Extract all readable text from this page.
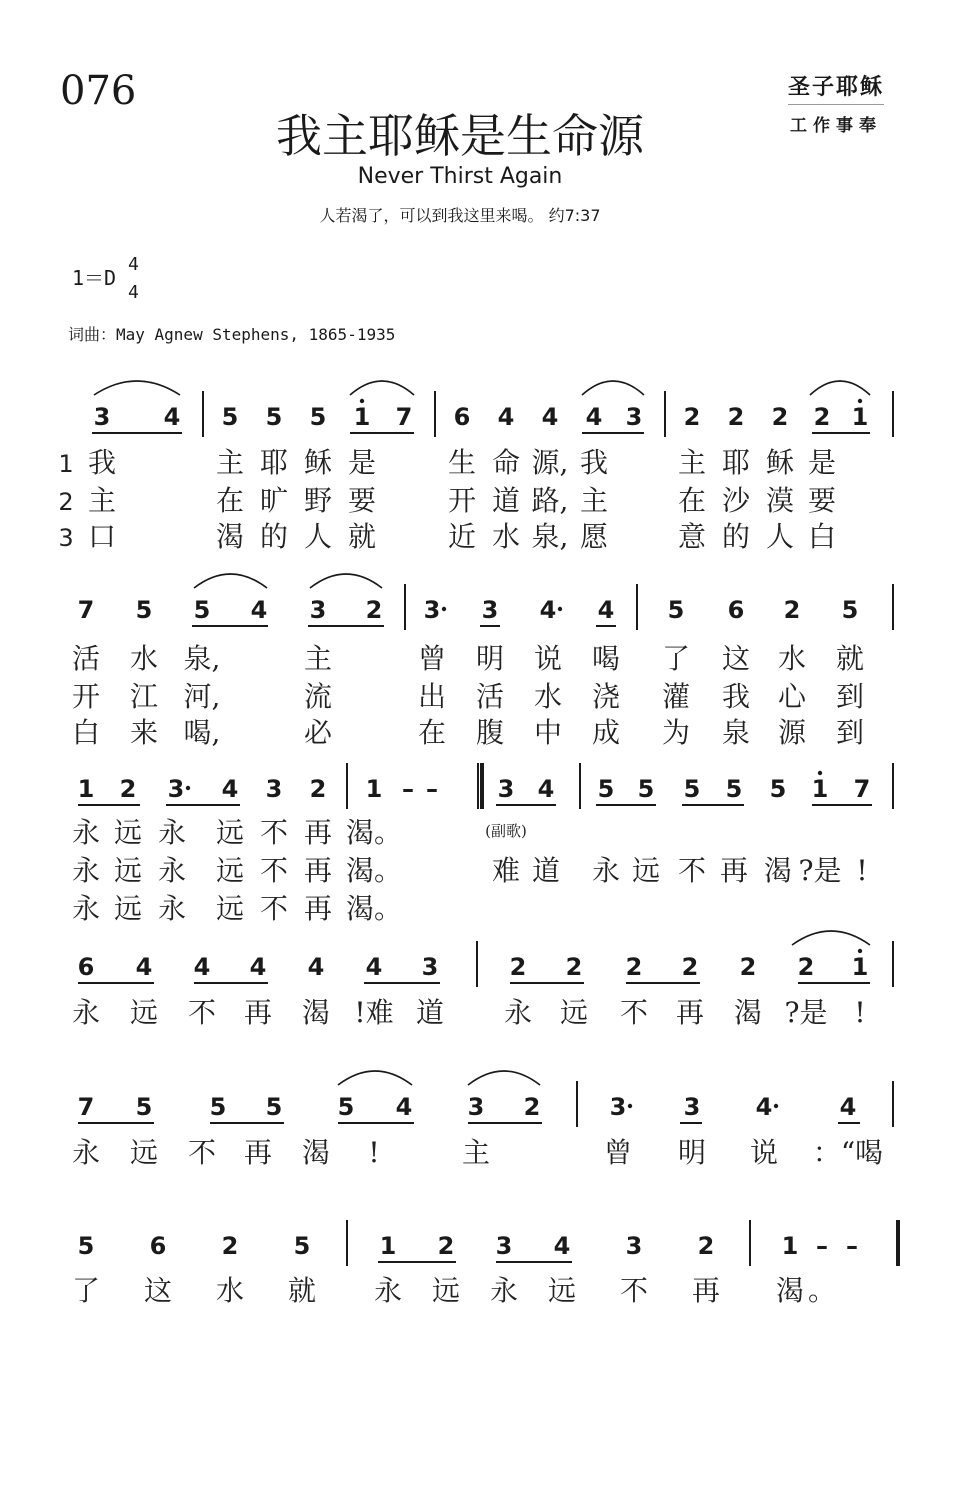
076
我主耶稣是生命源
Never Thirst Again
人若渴了，可以到我这里来喝。 约7:37
圣子耶稣
工作事奉
1＝D
4
4
词曲：May Agnew Stephens, 1865-1935
3 4 5 5 5 1 7 6 4 4 4 3 2 2 2 2 1
1 我	主 耶 稣 是	生 命 源, 我 主 耶 稣 是
2 主	在 旷 野 要	开 道 路, 主 在 沙 漠 要
3 口	渴 的 人 就	近 水 泉, 愿 意 的 人 白
7 5 5 4 3 2 3 3 4 4 5 6 2 5
活 水 泉,	主	曾 明 说 喝 了 这 水 就
开 江 河,	流	出 活 水 浇 灌 我 心 到
白 来 喝,	必	在 腹 中 成 为 泉 源 到
1 2 3 4 3 2 1 – – 3 4 5 5 5 5 5 1 7
永 远 永 远 不 再 渴。
永 远 永 远 不 再 渴。	难 道 永 远 不 再 渴 ?是 !
永 远 永 远 不 再 渴。
6 4 4 4 4 4 3	2 2 2 2 2 2 1
永 远 不 再 渴 !难 道 永 远 不 再 渴 ?是 !
7 5 5 5 5 4 3 2	3 3 4	4
永 远 不 再 渴 !	主	曾 明 说 ：“喝
5 6 2 5	1 2 3 4 3 2	1 – –
了 这 水 就 永 远 永 远 不 再 渴 。
(副歌)
